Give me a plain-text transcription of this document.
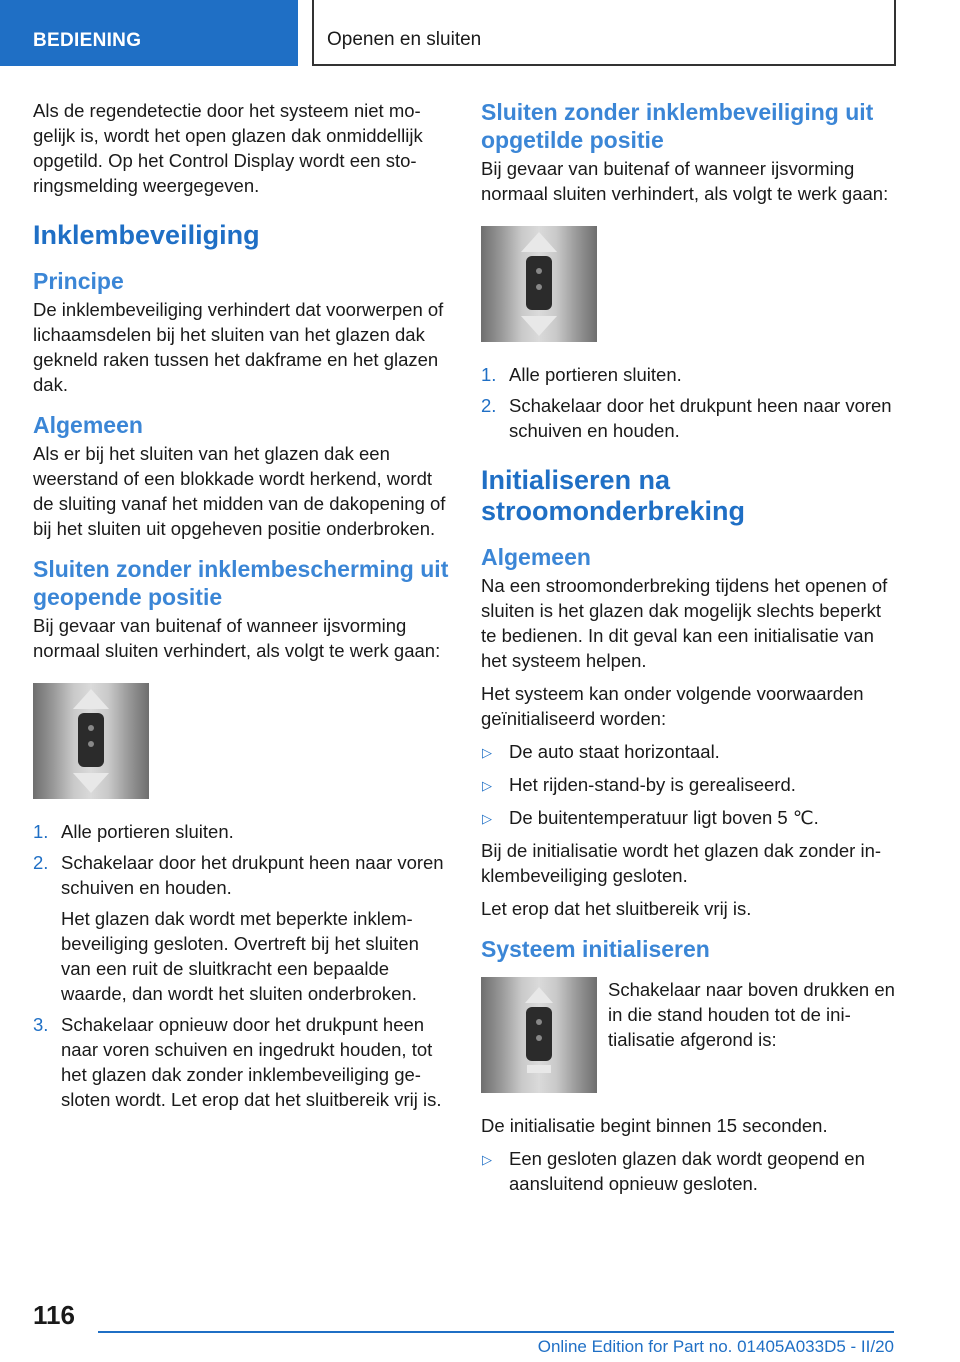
BEDIENING	Openen en sluiten

Als de regendetectie door het systeem niet mogelijk is, wordt het open glazen dak onmiddellijk opgetild. Op het Control Display wordt een storingsmelding weergegeven.

Inklembeveiliging
Principe

De inklembeveiliging verhindert dat voorwerpen of lichaamsdelen bij het sluiten van het glazen dak gekneld raken tussen het dakframe en het glazen dak.

Algemeen

Als er bij het sluiten van het glazen dak een weerstand of een blokkade wordt herkend, wordt de sluiting vanaf het midden van de dakopening of bij het sluiten uit opgeheven positie onderbroken.

Sluiten zonder inklembescherming uit geopende positie

Bij gevaar van buitenaf of wanneer ijsvorming normaal sluiten verhindert, als volgt te werk gaan:

1. Alle portieren sluiten.
2. Schakelaar door het drukpunt heen naar voren schuiven en houden.

Het glazen dak wordt met beperkte inklembeveiliging gesloten. Overtreft bij het sluiten van een ruit de sluitkracht een bepaalde waarde, dan wordt het sluiten onderbroken.

3. Schakelaar opnieuw door het drukpunt heen naar voren schuiven en ingedrukt houden, tot het glazen dak zonder inklembeveiliging gesloten wordt. Let erop dat het sluitbereik vrij is.
Sluiten zonder inklembeveiliging uit opgetilde positie

Bij gevaar van buitenaf of wanneer ijsvorming normaal sluiten verhindert, als volgt te werk gaan:

1. Alle portieren sluiten.
2. Schakelaar door het drukpunt heen naar voren schuiven en houden.
Initialiseren na stroomonderbreking
Algemeen

Na een stroomonderbreking tijdens het openen of sluiten is het glazen dak mogelijk slechts beperkt te bedienen. In dit geval kan een initialisatie van het systeem helpen.

Het systeem kan onder volgende voorwaarden geïnitialiseerd worden:

▷ De auto staat horizontaal.
▷ Het rijden-stand-by is gerealiseerd.
▷ De buitentemperatuur ligt boven 5 ℃.

Bij de initialisatie wordt het glazen dak zonder inklembeveiliging gesloten.

Let erop dat het sluitbereik vrij is.

Systeem initialiseren

Schakelaar naar boven drukken en in die stand houden tot de initialisatie afgerond is:

De initialisatie begint binnen 15 seconden.

▷ Een gesloten glazen dak wordt geopend en aansluitend opnieuw gesloten.
116
Online Edition for Part no. 01405A033D5 - II/20
